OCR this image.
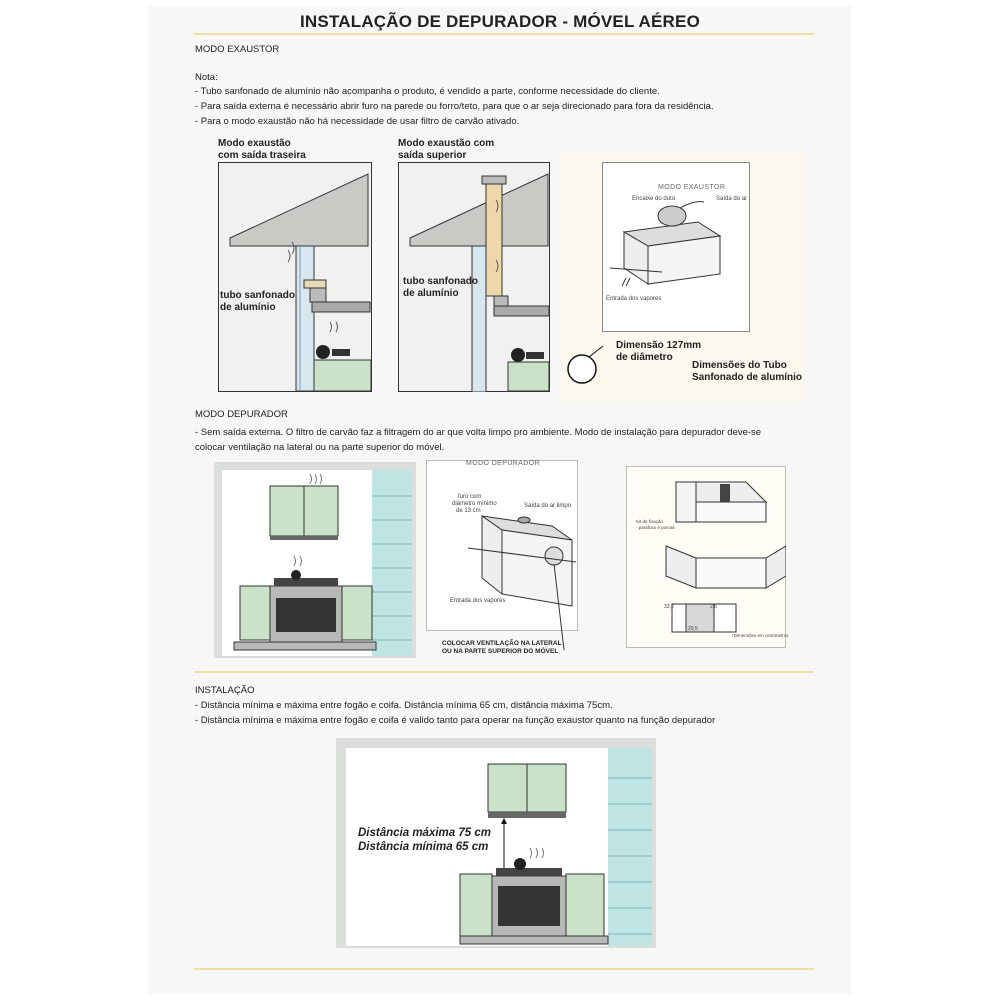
INSTALAÇÃO DE DEPURADOR - MÓVEL AÉREO
MODO EXAUSTOR
Nota:
- Tubo sanfonado de alumínio não acompanha o produto, é vendido a parte, conforme necessidade do cliente.
- Para saída externa é necessário abrir furo na parede ou forro/teto, para que o ar seja direcionado para fora da residência.
- Para o modo exaustão não há necessidade de usar filtro de carvão ativado.
Modo exaustão
com saída traseira
tubo sanfonado
de alumínio
Modo exaustão com
saída superior
tubo sanfonado
de alumínio
MODO EXAUSTOR
Encaixe do duto	Saída do ar
Entrada dos vapores
Dimensão 127mm
de diâmetro
Dimensões do Tubo
Sanfonado de alumínio
MODO DEPURADOR
- Sem saída externa. O filtro de carvão faz a filtragem do ar que volta limpo pro ambiente. Modo de instalação para depurador deve-se
colocar ventilação na lateral ou na parte superior do móvel.
MODO DEPURADOR
furo com
diâmetro mínimo
de 13 cm
Saída do ar limpo
Entrada dos vapores
COLOCAR VENTILAÇÃO NA LATERAL
OU NA PARTE SUPERIOR DO MÓVEL
Kit de fixação
- parafuso e porcas
33,2
20,5
2,6
*Dimensões em centímetros
INSTALAÇÃO
- Distância mínima e máxima entre fogão e coifa. Distância mínima 65 cm, distância máxima 75cm.
- Distância mínima e máxima entre fogão e coifa é valido tanto para operar na função exaustor quanto na função depurador
Distância máxima 75 cm
Distância mínima 65 cm
